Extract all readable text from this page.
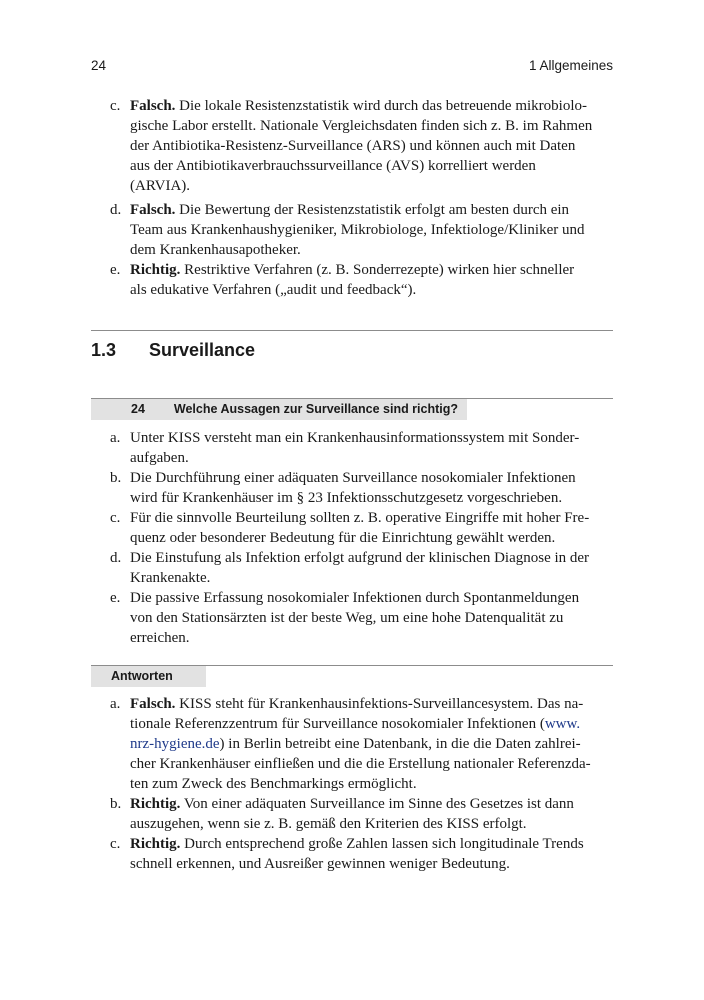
24	1 Allgemeines
c. Falsch. Die lokale Resistenzstatistik wird durch das betreuende mikrobiolo-
gische Labor erstellt. Nationale Vergleichsdaten finden sich z. B. im Rahmen
der Antibiotika-Resistenz-Surveillance (ARS) und können auch mit Daten
aus der Antibiotikaverbrauchssurveillance (AVS) korrelliert werden
(ARVIA).
d. Falsch. Die Bewertung der Resistenzstatistik erfolgt am besten durch ein
Team aus Krankenhaushygieniker, Mikrobiologe, Infektiologe/Kliniker und
dem Krankenhausapotheker.
e. Richtig. Restriktive Verfahren (z. B. Sonderrezepte) wirken hier schneller
als edukative Verfahren („audit und feedback“).
1.3 Surveillance
24 Welche Aussagen zur Surveillance sind richtig?
a. Unter KISS versteht man ein Krankenhausinformationssystem mit Sonder-
aufgaben.
b. Die Durchführung einer adäquaten Surveillance nosokomialer Infektionen
wird für Krankenhäuser im § 23 Infektionsschutzgesetz vorgeschrieben.
c. Für die sinnvolle Beurteilung sollten z. B. operative Eingriffe mit hoher Fre-
quenz oder besonderer Bedeutung für die Einrichtung gewählt werden.
d. Die Einstufung als Infektion erfolgt aufgrund der klinischen Diagnose in der
Krankenakte.
e. Die passive Erfassung nosokomialer Infektionen durch Spontanmeldungen
von den Stationsärzten ist der beste Weg, um eine hohe Datenqualität zu
erreichen.
Antworten
a. Falsch. KISS steht für Krankenhausinfektions-Surveillancesystem. Das na-
tionale Referenzzentrum für Surveillance nosokomialer Infektionen (www.
nrz-hygiene.de) in Berlin betreibt eine Datenbank, in die die Daten zahlrei-
cher Krankenhäuser einfließen und die die Erstellung nationaler Referenzda-
ten zum Zweck des Benchmarkings ermöglicht.
b. Richtig. Von einer adäquaten Surveillance im Sinne des Gesetzes ist dann
auszugehen, wenn sie z. B. gemäß den Kriterien des KISS erfolgt.
c. Richtig. Durch entsprechend große Zahlen lassen sich longitudinale Trends
schnell erkennen, und Ausreißer gewinnen weniger Bedeutung.
